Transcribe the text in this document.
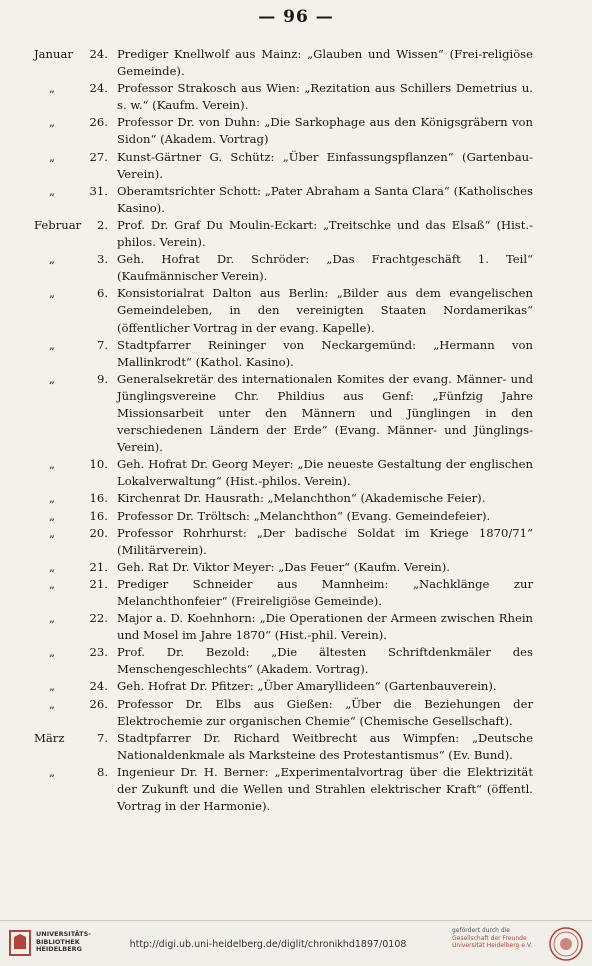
— 96 —
Januar	24. Prediger Knellwolf aus Mainz: „Glauben und Wissen“ (Frei-religiöse Gemeinde).
„	24. Professor Strakosch aus Wien: „Rezitation aus Schillers Demetrius u. s. w.“ (Kaufm. Verein).
„	26. Professor Dr. von Duhn: „Die Sarkophage aus den Königsgräbern von Sidon“ (Akadem. Vortrag)
„	27. Kunst-Gärtner G. Schütz: „Über Einfassungspflanzen“ (Gartenbau-Verein).
„	31. Oberamtsrichter Schott: „Pater Abraham a Santa Clara“ (Katholisches Kasino).
Februar	2. Prof. Dr. Graf Du Moulin-Eckart: „Treitschke und das Elsaß“ (Hist.-philos. Verein).
„	3. Geh. Hofrat Dr. Schröder: „Das Frachtgeschäft 1. Teil“ (Kaufmännischer Verein).
„	6. Konsistorialrat Dalton aus Berlin: „Bilder aus dem evangelischen Gemeindeleben, in den vereinigten Staaten Nordamerikas“ (öffentlicher Vortrag in der evang. Kapelle).
„	7. Stadtpfarrer Reininger von Neckargemünd: „Hermann von Mallinkrodt“ (Kathol. Kasino).
„	9. Generalsekretär des internationalen Komites der evang. Männer- und Jünglingsvereine Chr. Phildius aus Genf: „Fünfzig Jahre Missionsarbeit unter den Männern und Jünglingen in den verschiedenen Ländern der Erde“ (Evang. Männer- und Jünglings-Verein).
„	10. Geh. Hofrat Dr. Georg Meyer: „Die neueste Gestaltung der englischen Lokalverwaltung“ (Hist.-philos. Verein).
„	16. Kirchenrat Dr. Hausrath: „Melanchthon“ (Akademische Feier).
„	16. Professor Dr. Tröltsch: „Melanchthon“ (Evang. Gemeindefeier).
„	20. Professor Rohrhurst: „Der badische Soldat im Kriege 1870/71“ (Militärverein).
„	21. Geh. Rat Dr. Viktor Meyer: „Das Feuer“ (Kaufm. Verein).
„	21. Prediger Schneider aus Mannheim: „Nachklänge zur Melanchthonfeier“ (Freireligiöse Gemeinde).
„	22. Major a. D. Koehnhorn: „Die Operationen der Armeen zwischen Rhein und Mosel im Jahre 1870“ (Hist.-phil. Verein).
„	23. Prof. Dr. Bezold: „Die ältesten Schriftdenkmäler des Menschengeschlechts“ (Akadem. Vortrag).
„	24. Geh. Hofrat Dr. Pfitzer: „Über Amaryllideen“ (Gartenbauverein).
„	26. Professor Dr. Elbs aus Gießen: „Über die Beziehungen der Elektrochemie zur organischen Chemie“ (Chemische Gesellschaft).
März	7. Stadtpfarrer Dr. Richard Weitbrecht aus Wimpfen: „Deutsche Nationaldenkmale als Marksteine des Protestantismus“ (Ev. Bund).
„	8. Ingenieur Dr. H. Berner: „Experimentalvortrag über die Elektrizität der Zukunft und die Wellen und Strahlen elektrischer Kraft“ (öffentl. Vortrag in der Harmonie).
UNIVERSITÄTS-
BIBLIOTHEK
HEIDELBERG	http://digi.ub.uni-heidelberg.de/diglit/chronikhd1897/0108
gefördert durch die
Gesellschaft der Freunde
Universität Heidelberg e.V.
